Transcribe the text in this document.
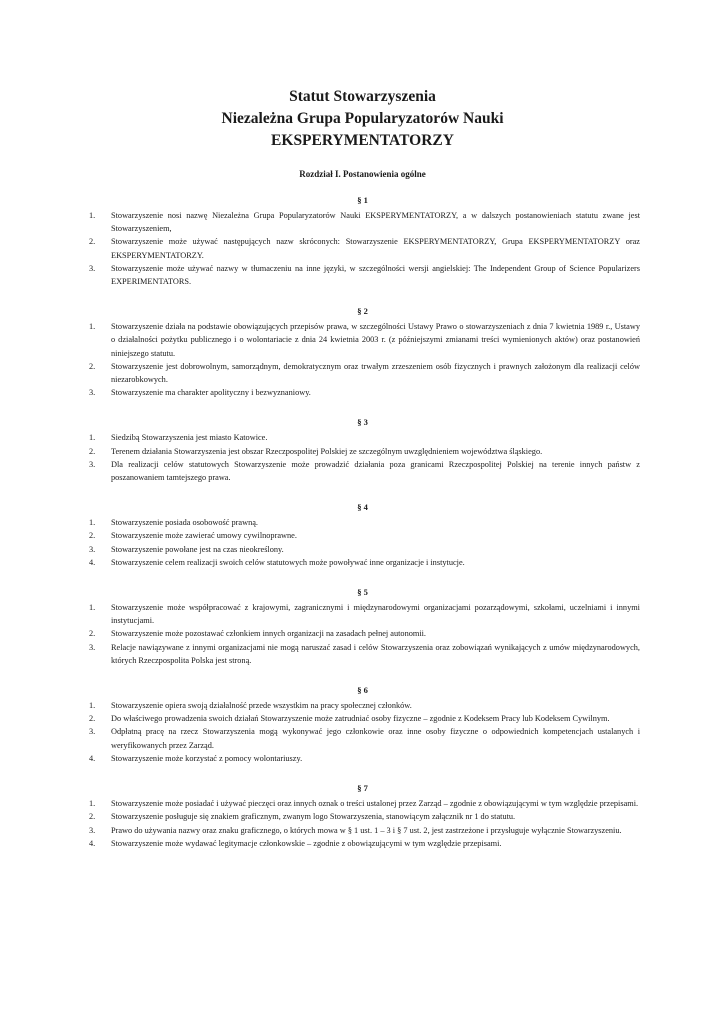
Statut Stowarzyszenia
Niezależna Grupa Popularyzatorów Nauki
EKSPERYMENTATORZY
Rozdział I. Postanowienia ogólne
§ 1
1. Stowarzyszenie nosi nazwę Niezależna Grupa Popularyzatorów Nauki EKSPERYMENTATORZY, a w dalszych postanowieniach statutu zwane jest Stowarzyszeniem,
2. Stowarzyszenie może używać następujących nazw skróconych: Stowarzyszenie EKSPERYMENTATORZY, Grupa EKSPERYMENTATORZY oraz EKSPERYMENTATORZY.
3. Stowarzyszenie może używać nazwy w tłumaczeniu na inne języki, w szczególności wersji angielskiej: The Independent Group of Science Popularizers EXPERIMENTATORS.
§ 2
1. Stowarzyszenie działa na podstawie obowiązujących przepisów prawa, w szczególności Ustawy Prawo o stowarzyszeniach z dnia 7 kwietnia 1989 r., Ustawy o działalności pożytku publicznego i o wolontariacie z dnia 24 kwietnia 2003 r. (z późniejszymi zmianami treści wymienionych aktów) oraz postanowień niniejszego statutu.
2. Stowarzyszenie jest dobrowolnym, samorządnym, demokratycznym oraz trwałym zrzeszeniem osób fizycznych i prawnych założonym dla realizacji celów niezarobkowych.
3. Stowarzyszenie ma charakter apolityczny i bezwyznaniowy.
§ 3
1. Siedzibą Stowarzyszenia jest miasto Katowice.
2. Terenem działania Stowarzyszenia jest obszar Rzeczpospolitej Polskiej ze szczególnym uwzględnieniem województwa śląskiego.
3. Dla realizacji celów statutowych Stowarzyszenie może prowadzić działania poza granicami Rzeczpospolitej Polskiej na terenie innych państw z poszanowaniem tamtejszego prawa.
§ 4
1. Stowarzyszenie posiada osobowość prawną.
2. Stowarzyszenie może zawierać umowy cywilnoprawne.
3. Stowarzyszenie powołane jest na czas nieokreślony.
4. Stowarzyszenie celem realizacji swoich celów statutowych może powoływać inne organizacje i instytucje.
§ 5
1. Stowarzyszenie może współpracować z krajowymi, zagranicznymi i międzynarodowymi organizacjami pozarządowymi, szkołami, uczelniami i innymi instytucjami.
2. Stowarzyszenie może pozostawać członkiem innych organizacji na zasadach pełnej autonomii.
3. Relacje nawiązywane z innymi organizacjami nie mogą naruszać zasad i celów Stowarzyszenia oraz zobowiązań wynikających z umów międzynarodowych, których Rzeczpospolita Polska jest stroną.
§ 6
1. Stowarzyszenie opiera swoją działalność przede wszystkim na pracy społecznej członków.
2. Do właściwego prowadzenia swoich działań Stowarzyszenie może zatrudniać osoby fizyczne – zgodnie z Kodeksem Pracy lub Kodeksem Cywilnym.
3. Odpłatną pracę na rzecz Stowarzyszenia mogą wykonywać jego członkowie oraz inne osoby fizyczne o odpowiednich kompetencjach ustalanych i weryfikowanych przez Zarząd.
4. Stowarzyszenie może korzystać z pomocy wolontariuszy.
§ 7
1. Stowarzyszenie może posiadać i używać pieczęci oraz innych oznak o treści ustalonej przez Zarząd – zgodnie z obowiązującymi w tym względzie przepisami.
2. Stowarzyszenie posługuje się znakiem graficznym, zwanym logo Stowarzyszenia, stanowiącym załącznik nr 1 do statutu.
3. Prawo do używania nazwy oraz znaku graficznego, o których mowa w § 1 ust. 1 – 3 i § 7 ust. 2, jest zastrzeżone i przysługuje wyłącznie Stowarzyszeniu.
4. Stowarzyszenie może wydawać legitymacje członkowskie – zgodnie z obowiązującymi w tym względzie przepisami.
